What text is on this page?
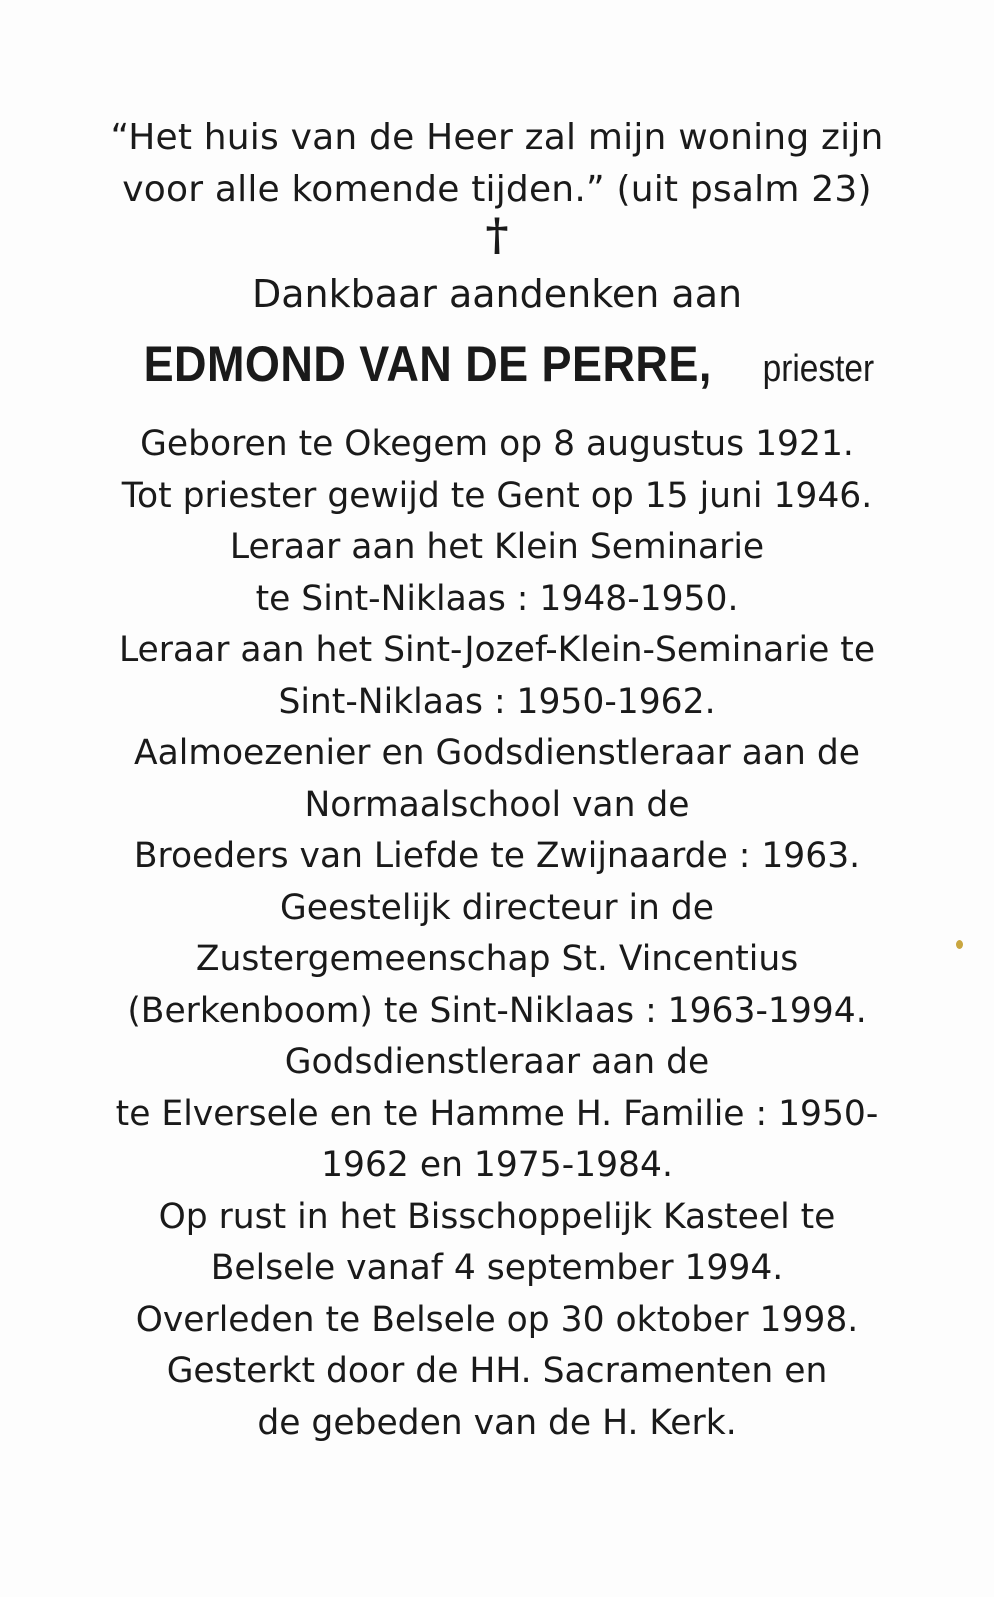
“Het huis van de Heer zal mijn woning zijn
voor alle komende tijden.” (uit psalm 23)
†
Dankbaar aandenken aan
EDMOND VAN DE PERRE, priester
Geboren te Okegem op 8 augustus 1921.
Tot priester gewijd te Gent op 15 juni 1946.
Leraar aan het Klein Seminarie
te Sint-Niklaas : 1948-1950.
Leraar aan het Sint-Jozef-Klein-Seminarie te
Sint-Niklaas : 1950-1962.
Aalmoezenier en Godsdienstleraar aan de
Normaalschool van de
Broeders van Liefde te Zwijnaarde : 1963.
Geestelijk directeur in de
Zustergemeenschap St. Vincentius
(Berkenboom) te Sint-Niklaas : 1963-1994.
Godsdienstleraar aan de
te Elversele en te Hamme H. Familie : 1950-
1962 en 1975-1984.
Op rust in het Bisschoppelijk Kasteel te
Belsele vanaf 4 september 1994.
Overleden te Belsele op 30 oktober 1998.
Gesterkt door de HH. Sacramenten en
de gebeden van de H. Kerk.
